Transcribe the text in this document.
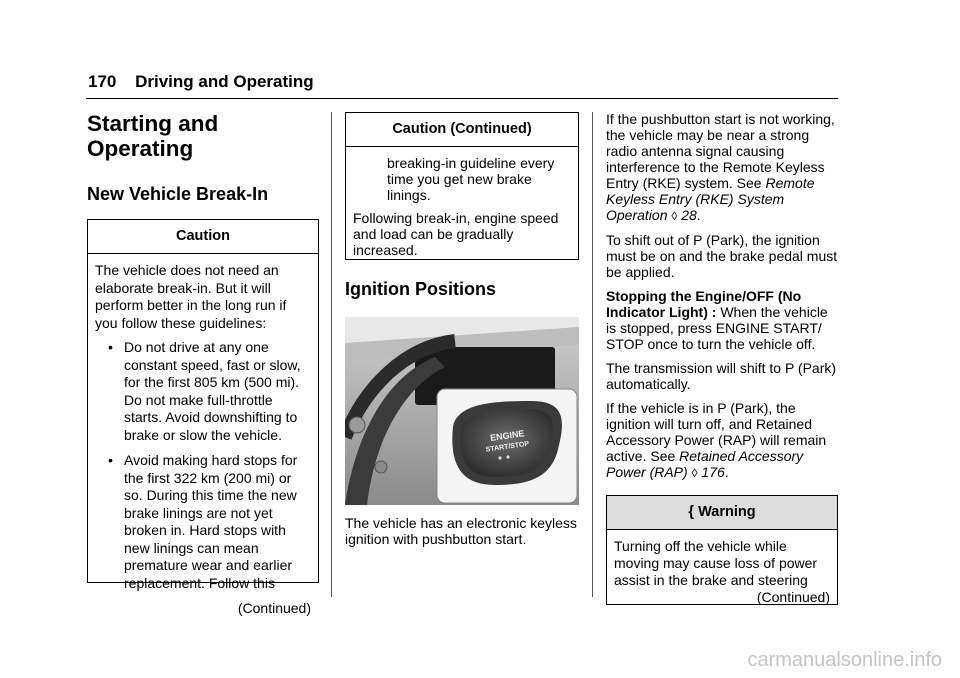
170 Driving and Operating
Starting and
Operating
New Vehicle Break-In
Caution

The vehicle does not need an elaborate break-in. But it will perform better in the long run if you follow these guidelines:

• Do not drive at any one constant speed, fast or slow, for the first 805 km (500 mi). Do not make full-throttle starts. Avoid downshifting to brake or slow the vehicle.
• Avoid making hard stops for the first 322 km (200 mi) or so. During this time the new brake linings are not yet broken in. Hard stops with new linings can mean premature wear and earlier replacement. Follow this
(Continued)
Caution (Continued)

breaking-in guideline every time you get new brake linings.

Following break-in, engine speed and load can be gradually increased.

Ignition Positions
ENGINE
START/STOP

The vehicle has an electronic keyless ignition with pushbutton start.

If the pushbutton start is not working, the vehicle may be near a strong radio antenna signal causing interference to the Remote Keyless Entry (RKE) system. See Remote Keyless Entry (RKE) System Operation ◊ 28.

To shift out of P (Park), the ignition must be on and the brake pedal must be applied.

Stopping the Engine/OFF (No Indicator Light) : When the vehicle is stopped, press ENGINE START/ STOP once to turn the vehicle off.

The transmission will shift to P (Park) automatically.

If the vehicle is in P (Park), the ignition will turn off, and Retained Accessory Power (RAP) will remain active. See Retained Accessory Power (RAP) ◊ 176.

{ Warning

Turning off the vehicle while moving may cause loss of power assist in the brake and steering

(Continued)
carmanualsonline.info
